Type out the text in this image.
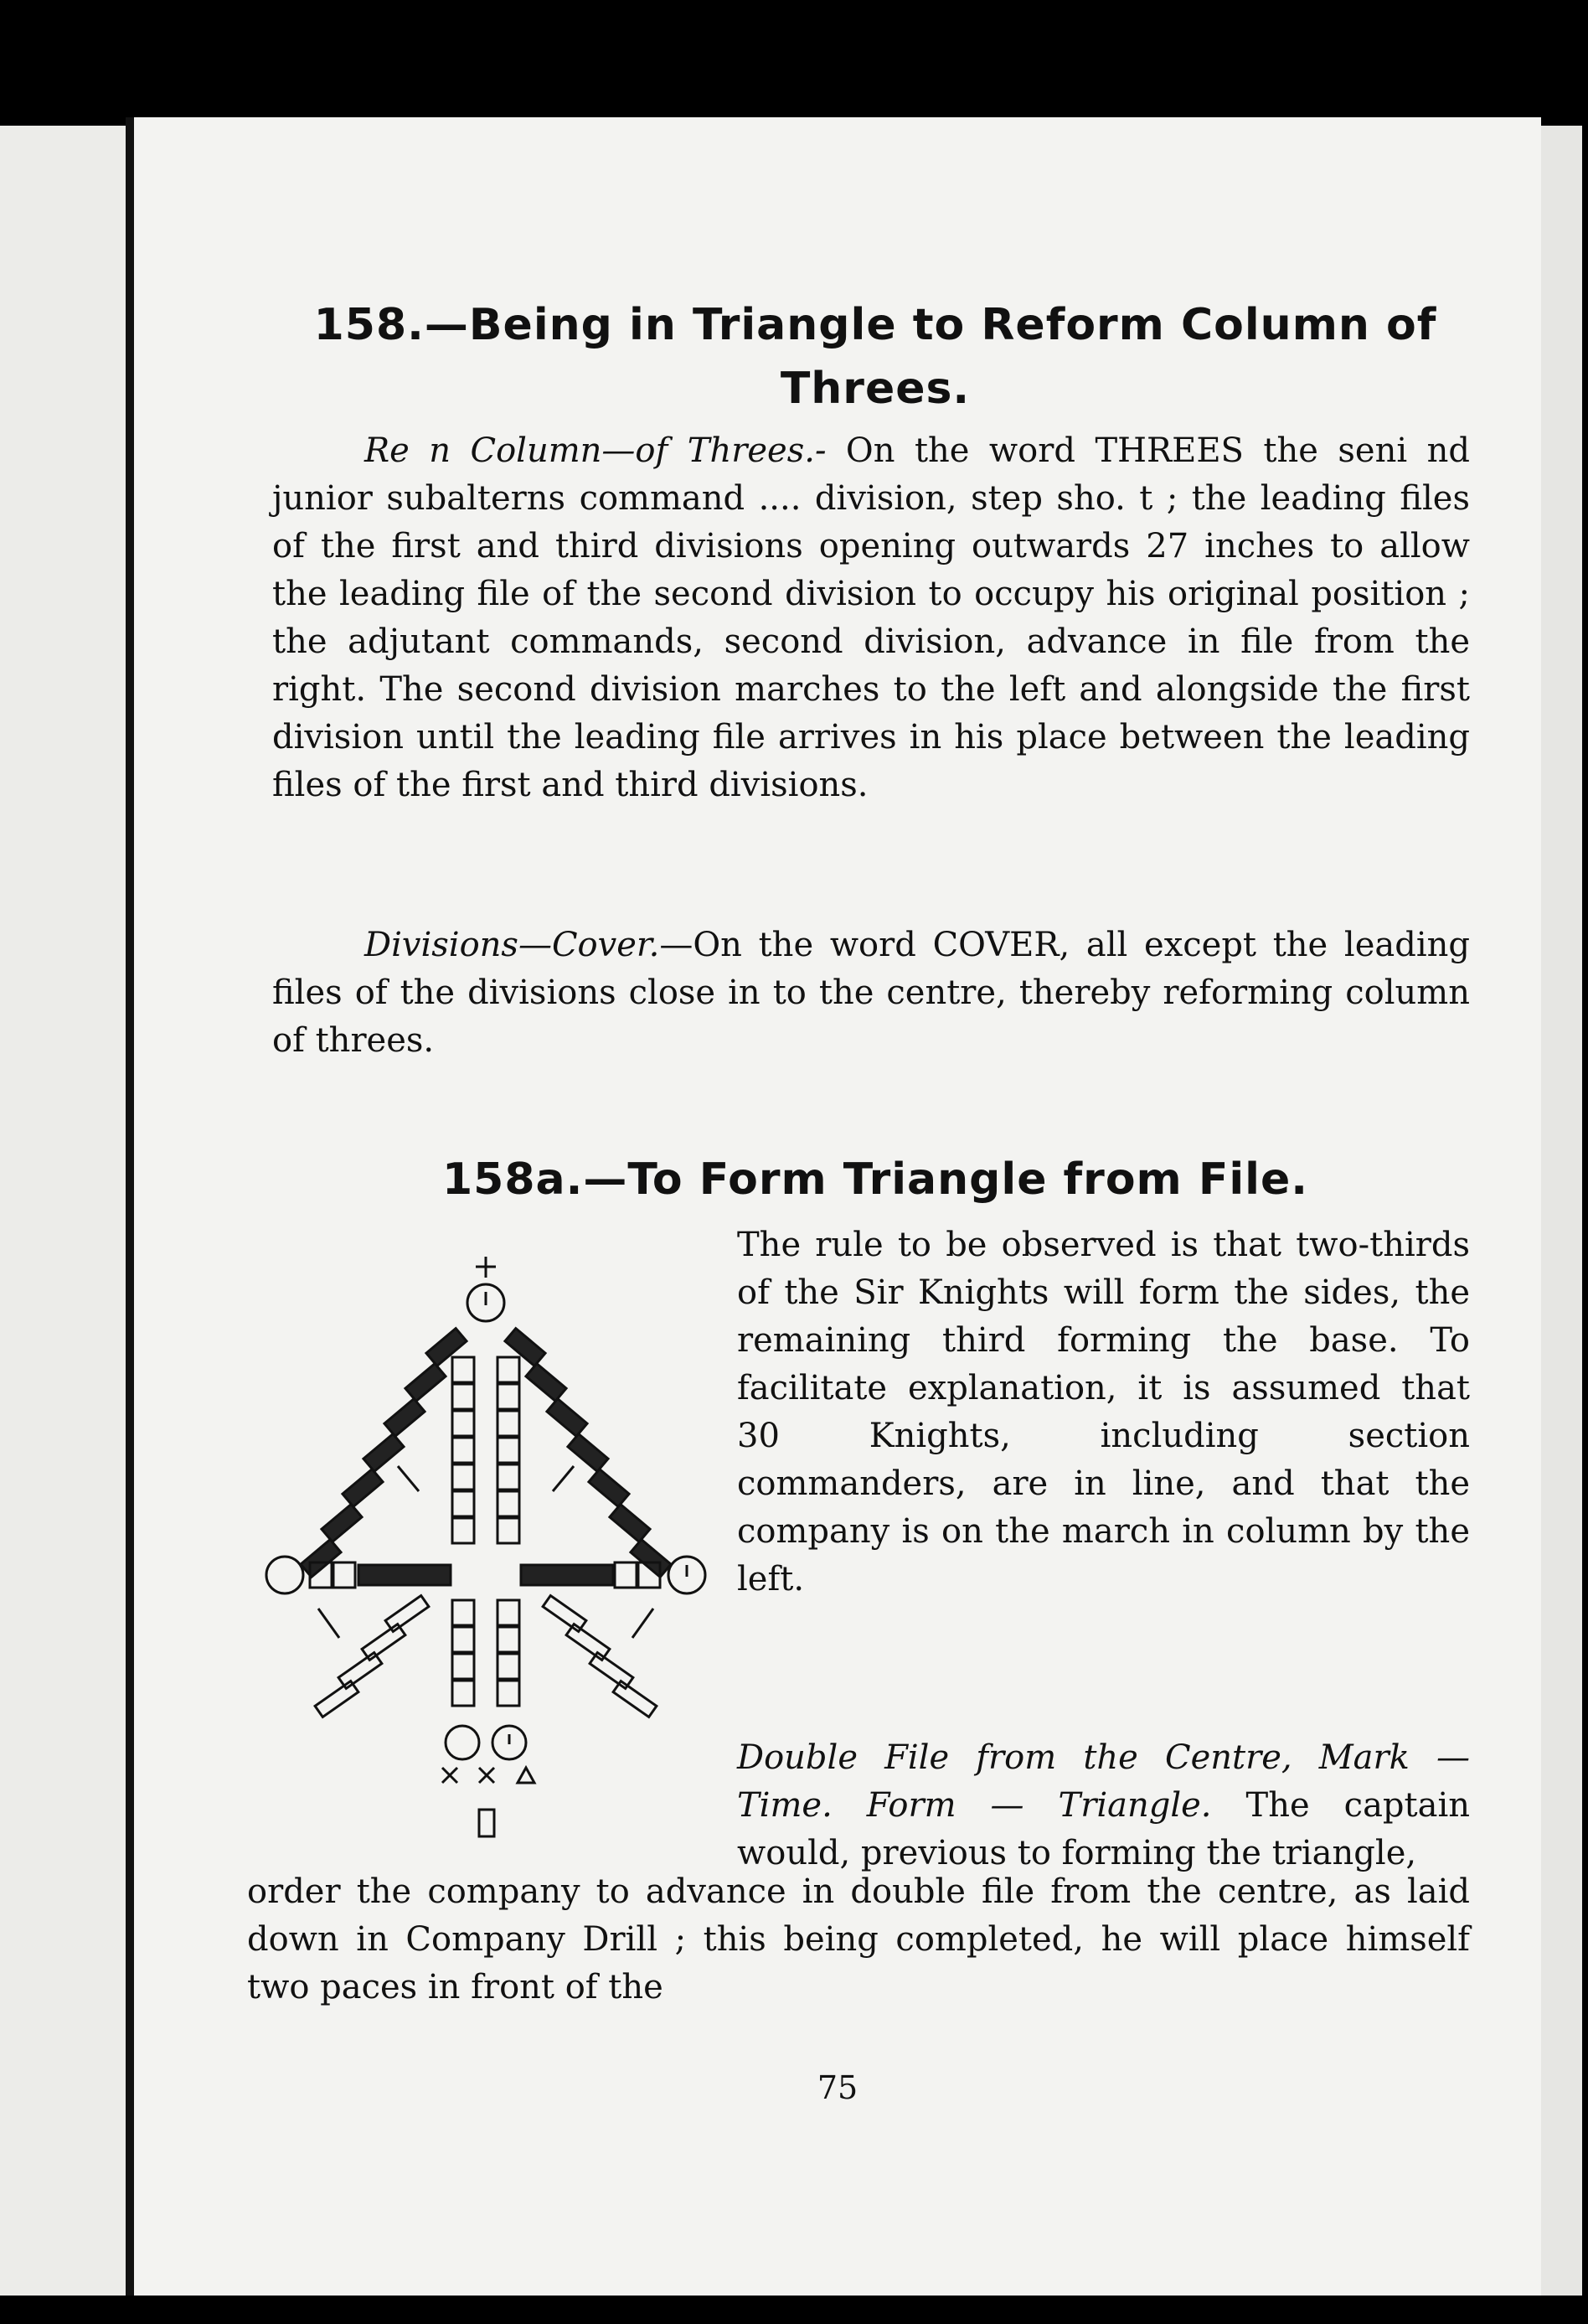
158.—Being in Triangle to Reform Column of Threes.
Re n Column—of Threes.- On the word THREES the seni nd junior subalterns command .... division, step sho. t ; the leading files of the first and third divisions opening outwards 27 inches to allow the leading file of the second division to occupy his original position ; the adjutant commands, second division, advance in file from the right. The second division marches to the left and alongside the first division until the leading file arrives in his place between the leading files of the first and third divisions.
Divisions—Cover.—On the word COVER, all except the leading files of the divisions close in to the centre, thereby reforming column of threes.
158a.—To Form Triangle from File.
The rule to be observed is that two-thirds of the Sir Knights will form the sides, the remaining third forming the base. To facilitate explanation, it is assumed that 30 Knights, including section commanders, are in line, and that the company is on the march in column by the left.
Double File from the Centre, Mark — Time. Form — Triangle. The captain would, previous to forming the triangle,
order the company to advance in double file from the centre, as laid down in Company Drill ; this being completed, he will place himself two paces in front of the
75
